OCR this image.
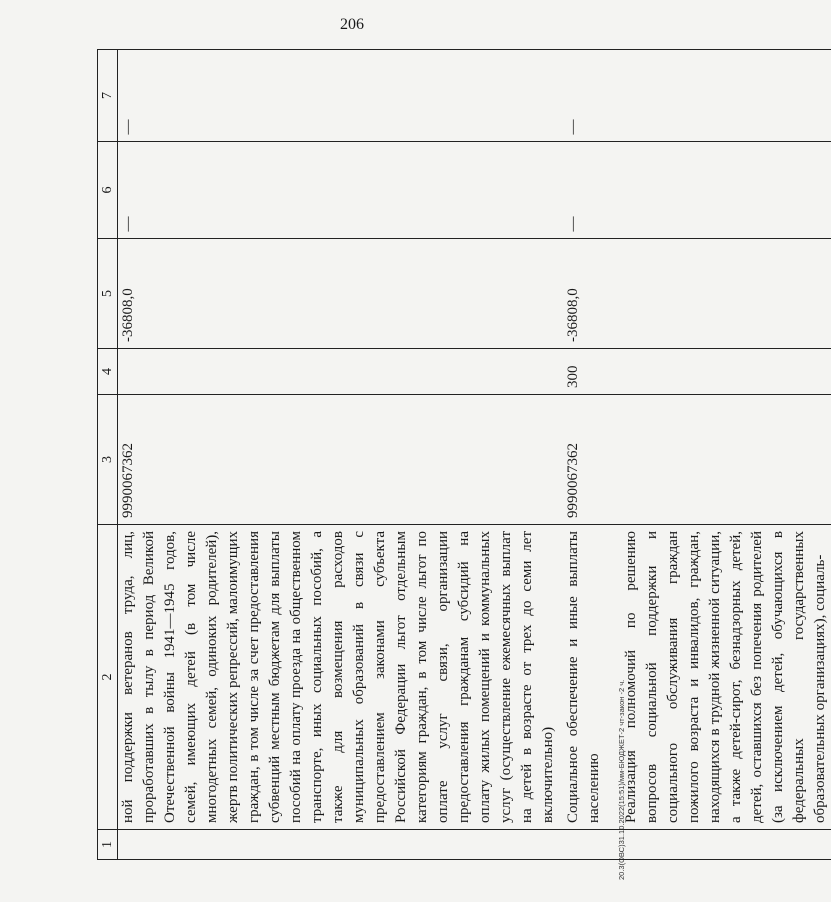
206
20.3(ОВС)31.10.2022(15:51)/мм-БЮДЖЕТ-2 чт-закон -2 ч.
1	2	3	4	5	6	7
	ной поддержки ветеранов труда, лиц, проработавших в тылу в период Великой Отечественной войны 1941—1945 годов, семей, имеющих детей (в том числе многодетных семей, одиноких родителей), жертв политических репрессий, малоимущих граждан, в том числе за счет предоставления субвенций местным бюджетам для выплаты пособий на оплату проезда на общественном транспорте, иных социальных пособий, а также для возмещения расходов муниципальных образований в связи с предоставлением законами субъекта Российской Федерации льгот отдельным категориям граждан, в том числе льгот по оплате услуг связи, организации предоставления гражданам субсидий на оплату жилых помещений и коммунальных услуг (осуществление ежемесячных выплат на детей в возрасте от трех до семи лет включительно)	9990067362		-36808,0	—	—
	Социальное обеспечение и иные выплаты населению	9990067362	300	-36808,0	—	—
	Реализация полномочий по решению вопросов социальной поддержки и социального обслуживания граждан пожилого возраста и инвалидов, граждан, находящихся в трудной жизненной ситуации, а также детей-сирот, безнадзорных детей, детей, оставшихся без попечения родителей (за исключением детей, обучающихся в федеральных государственных образовательных организациях), социаль-					
